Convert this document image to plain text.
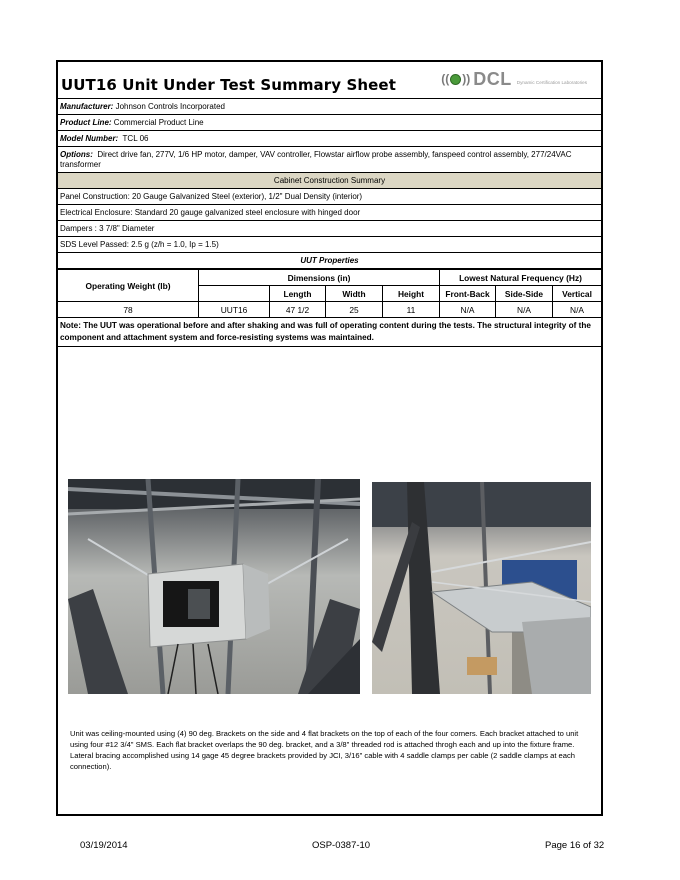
UUT16 Unit Under Test Summary Sheet	(( )) DCL Dynamic Certification Laboratories
Manufacturer: Johnson Controls Incorporated
Product Line: Commercial Product Line
Model Number: TCL 06
Options: Direct drive fan, 277V, 1/6 HP motor, damper, VAV controller, Flowstar airflow probe assembly, fanspeed control assembly, 277/24VAC transformer
Cabinet Construction Summary
Panel Construction: 20 Gauge Galvanized Steel (exterior), 1/2" Dual Density (interior)
Electrical Enclosure: Standard 20 gauge galvanized steel enclosure with hinged door
Dampers : 3 7/8" Diameter
SDS Level Passed: 2.5 g (z/h = 1.0, Ip = 1.5)
UUT Properties
Operating Weight (lb)	Dimensions (in)				Lowest Natural Frequency (Hz)		
		Length	Width	Height	Front-Back	Side-Side	Vertical
78	UUT16	47 1/2	25	11	N/A	N/A	N/A
Note: The UUT was operational before and after shaking and was full of operating content during the tests. The structural integrity of the component and attachment system and force-resisting systems was maintained.
Unit was ceiling-mounted using (4) 90 deg. Brackets on the side and 4 flat brackets on the top of each of the four corners. Each bracket attached to unit using four #12 3/4" SMS. Each flat bracket overlaps the 90 deg. bracket, and a 3/8" threaded rod is attached throgh each and up into the fixture frame. Lateral bracing accomplished using 14 gage 45 degree brackets provided by JCI, 3/16" cable with 4 saddle clamps per cable (2 saddle clamps at each connection).
03/19/2014	OSP-0387-10	Page 16 of 32
